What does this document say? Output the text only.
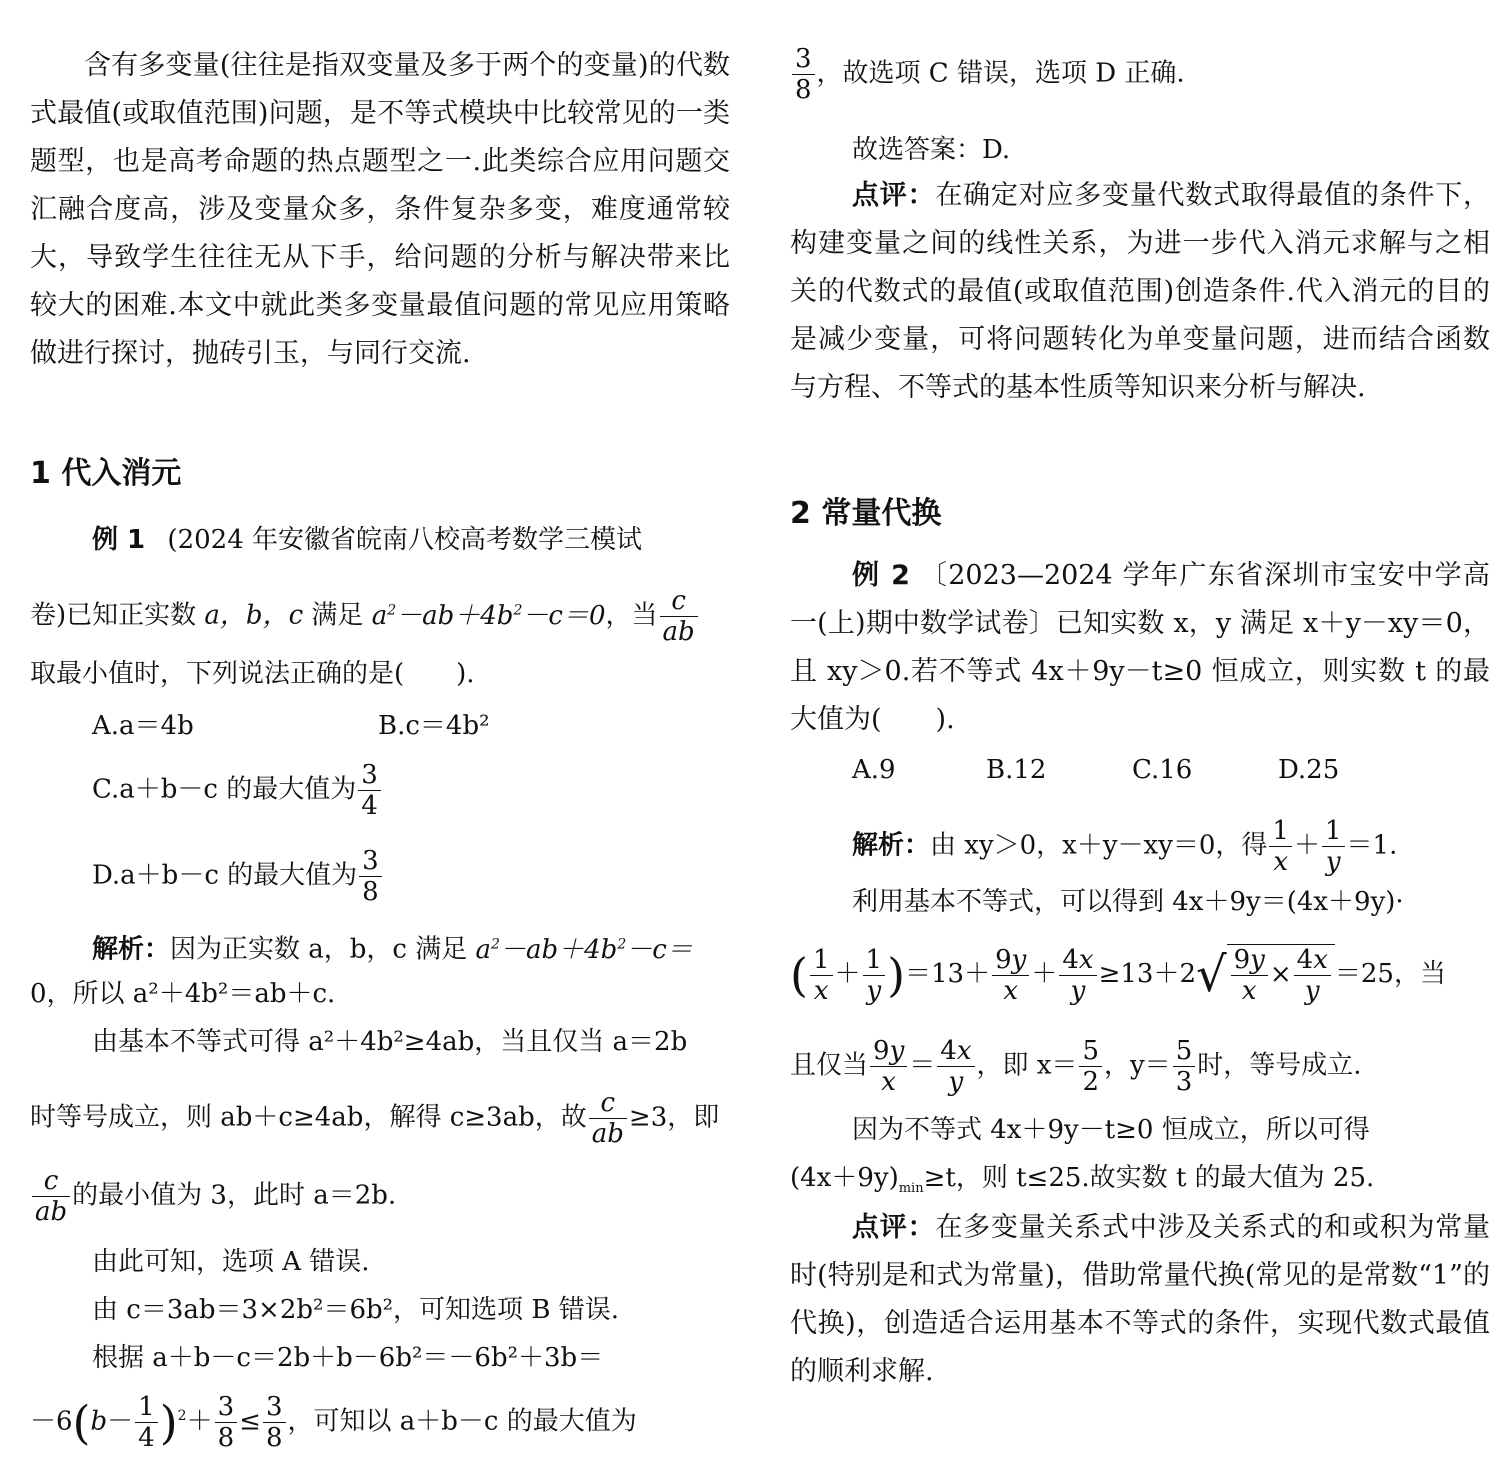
含有多变量(往往是指双变量及多于两个的变量)的代数式最值(或取值范围)问题，是不等式模块中比较常见的一类题型，也是高考命题的热点题型之一.此类综合应用问题交汇融合度高，涉及变量众多，条件复杂多变，难度通常较大，导致学生往往无从下手，给问题的分析与解决带来比较大的困难.本文中就此类多变量最值问题的常见应用策略做进行探讨，抛砖引玉，与同行交流.
1 代入消元
例 1 (2024 年安徽省皖南八校高考数学三模试
卷)已知正实数 a，b，c 满足 $a^2-ab+4b^2-c=0$，当 $\frac{c}{ab}$
取最小值时，下列说法正确的是(　　).
A.a＝4b	B.c＝4b²
C.a＋b－c 的最大值为 $\frac{3}{4}$
D.a＋b－c 的最大值为 $\frac{3}{8}$
解析：因为正实数 a，b，c 满足 $a^2-ab+4b^2-c=$
0，所以 a²＋4b²＝ab＋c.
由基本不等式可得 a²＋4b²≥4ab，当且仅当 a＝2b
时等号成立，则 ab＋c≥4ab，解得 c≥3ab，故 $\frac{c}{ab} \ge 3$，即
$\frac{c}{ab}$ 的最小值为 3，此时 a＝2b.
由此可知，选项 A 错误.
由 c＝3ab＝3×2b²＝6b²，可知选项 B 错误.
根据 a＋b－c＝2b＋b－6b²＝－6b²＋3b＝
$-6(b- \frac{1}{4} )^2+ \frac{3}{8} \le \frac{3}{8}$ ，可知以 a＋b－c 的最大值为
$\frac{3}{8}$ ，故选项 C 错误，选项 D 正确.
故选答案：D.
点评：在确定对应多变量代数式取得最值的条件下，构建变量之间的线性关系，为进一步代入消元求解与之相关的代数式的最值(或取值范围)创造条件.代入消元的目的是减少变量，可将问题转化为单变量问题，进而结合函数与方程、不等式的基本性质等知识来分析与解决.
2 常量代换
例 2 〔2023—2024 学年广东省深圳市宝安中学高一(上)期中数学试卷〕已知实数 x，y 满足 x＋y－xy＝0，且 xy＞0.若不等式 4x＋9y－t≥0 恒成立，则实数 t 的最大值为(　　).
A.9	B.12	C.16	D.25
解析：由 xy＞0，x＋y－xy＝0，得 $\frac{1}{x} + \frac{1}{y} =1$.
利用基本不等式，可以得到 4x＋9y＝(4x＋9y)·
( $\frac{1}{x} + \frac{1}{y} )=13+ \frac{9y}{x} + \frac{4x}{y} \ge 13+2√ \frac{9y}{x} \times \frac{4x}{y} =25$，当
且仅当 $\frac{9y}{x} = \frac{4x}{y}$ ，即 $x= \frac{5}{2}$ ，$y= \frac{5}{3}$ 时，等号成立.
因为不等式 4x＋9y－t≥0 恒成立，所以可得
$(4x+9y)_{min}\ge t$，则 t≤25.故实数 t 的最大值为 25.
点评：在多变量关系式中涉及关系式的和或积为常量时(特别是和式为常量)，借助常量代换(常见的是常数“1”的代换)，创造适合运用基本不等式的条件，实现代数式最值的顺利求解.
